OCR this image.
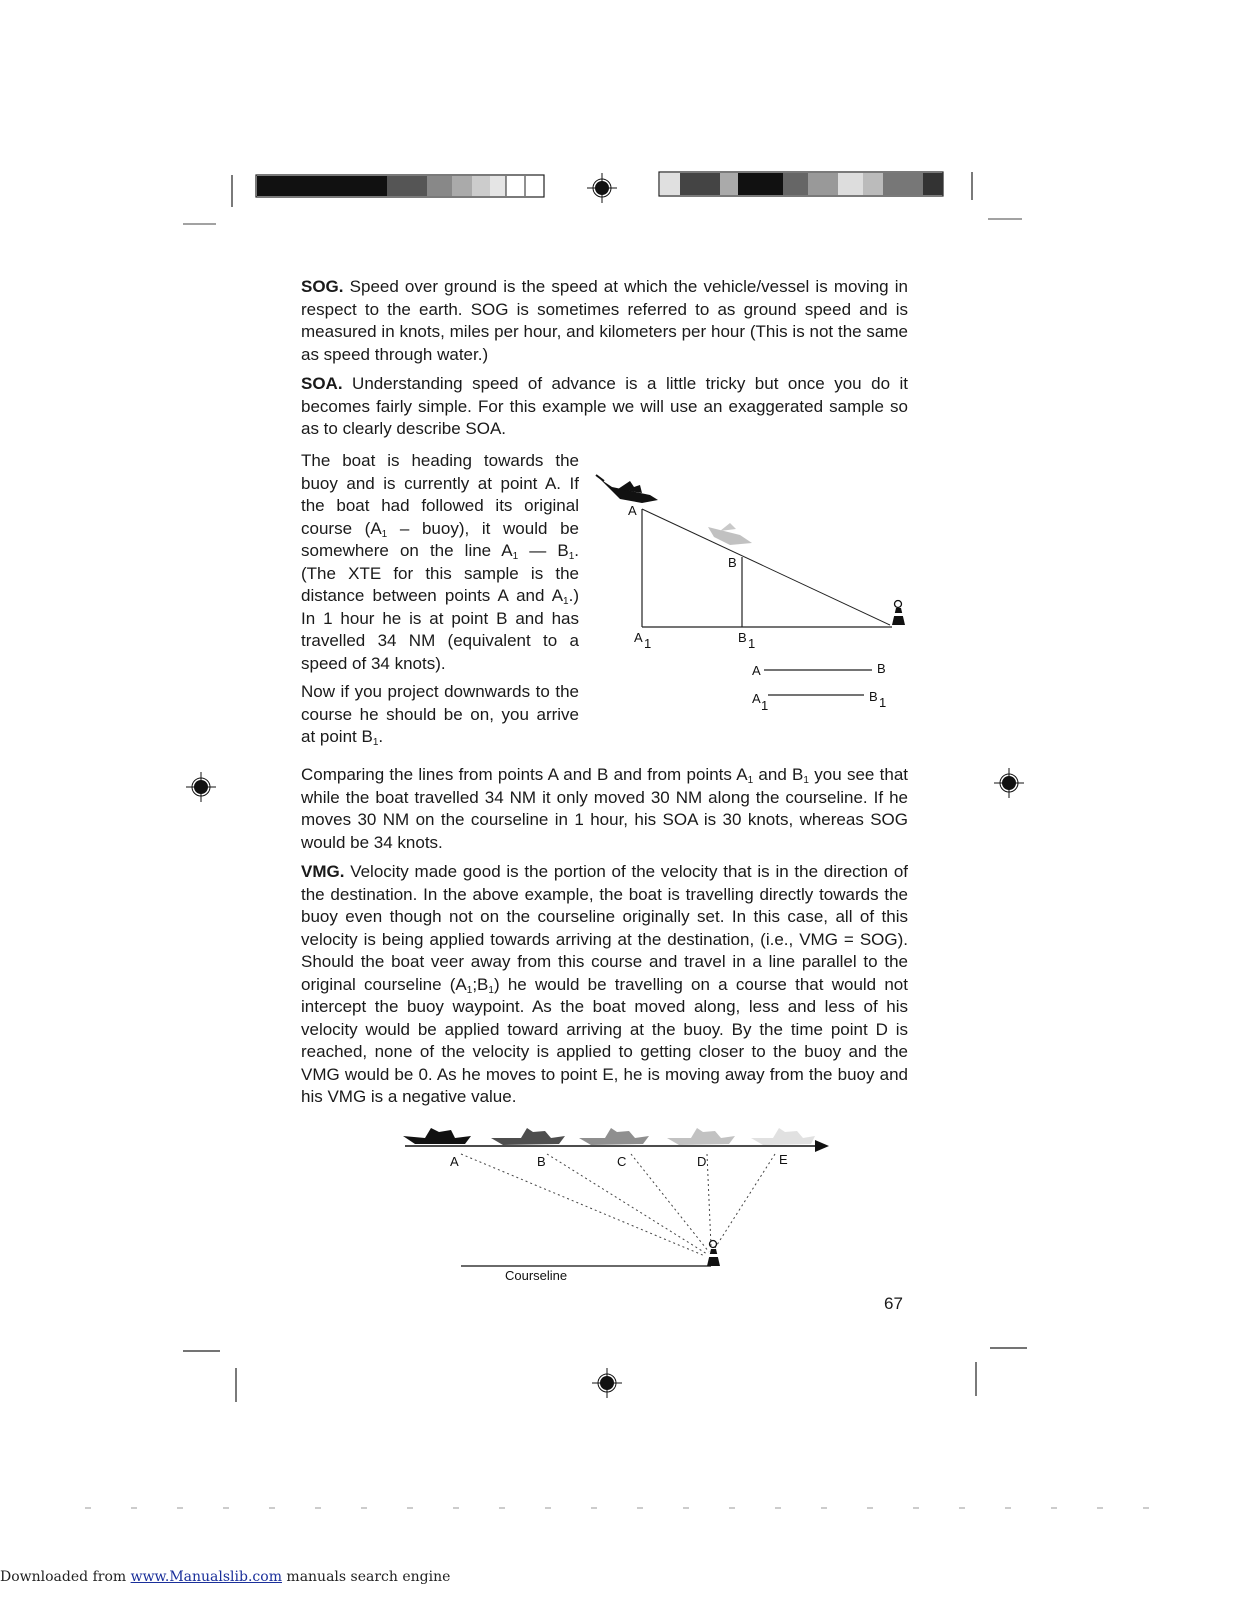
SOG. Speed over ground is the speed at which the vehicle/vessel is moving in respect to the earth. SOG is sometimes referred to as ground speed and is measured in knots, miles per hour, and kilometers per hour (This is not the same as speed through water.)

SOA. Understanding speed of advance is a little tricky but once you do it becomes fairly simple. For this example we will use an exaggerated sample so as to clearly describe SOA.

The boat is heading towards the buoy and is currently at point A. If the boat had followed its original course ($A_1$ – buoy), it would be somewhere on the line $A_1$ — $B_1$. (The XTE for this sample is the distance between points A and $A_1$.) In 1 hour he is at point B and has travelled 34 NM (equivalent to a speed of 34 knots).

Now if you project downwards to the course he should be on, you arrive at point $B_1$.

A
B
A 1	B 1
A	B
A 1
B 1

Comparing the lines from points A and B and from points $A_1$ and $B_1$ you see that while the boat travelled 34 NM it only moved 30 NM along the courseline. If he moves 30 NM on the courseline in 1 hour, his SOA is 30 knots, whereas SOG would be 34 knots.

VMG. Velocity made good is the portion of the velocity that is in the direction of the destination. In the above example, the boat is travelling directly towards the buoy even though not on the courseline originally set. In this case, all of this velocity is being applied towards arriving at the destination, (i.e., VMG = SOG). Should the boat veer away from this course and travel in a line parallel to the original courseline $(A_1;B_1)$ he would be travelling on a course that would not intercept the buoy waypoint. As the boat moved along, less and less of his velocity would be applied toward arriving at the buoy. By the time point D is reached, none of the velocity is applied to getting closer to the buoy and the VMG would be 0. As he moves to point E, he is moving away from the buoy and his VMG is a negative value.

A	B	C	D	E
Courseline
67
Downloaded from www.Manualslib.com manuals search engine
